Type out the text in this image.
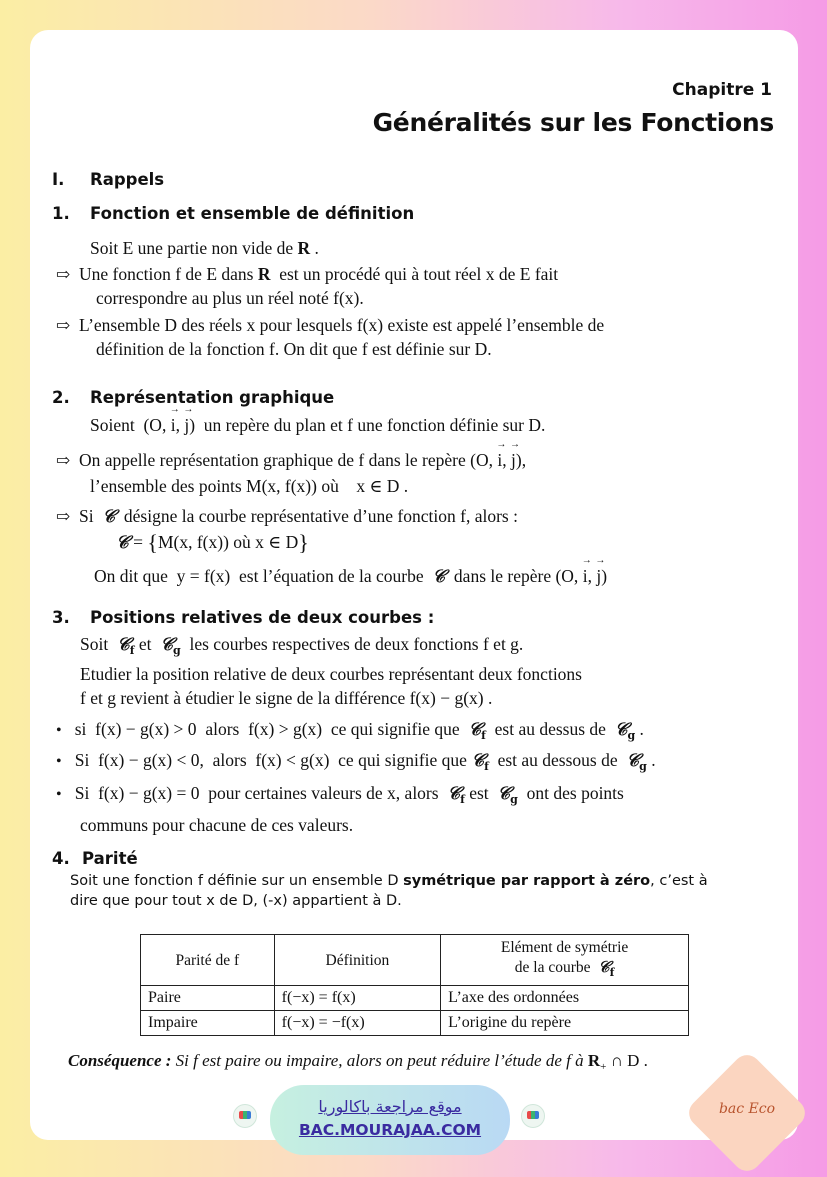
Chapitre 1
Généralités sur les Fonctions
I. Rappels
1. Fonction et ensemble de définition
Soit E une partie non vide de R .
⇨ Une fonction f de E dans R est un procédé qui à tout réel x de E fait
correspondre au plus un réel noté f(x).
⇨ L’ensemble D des réels x pour lesquels f(x) existe est appelé l’ensemble de
définition de la fonction f. On dit que f est définie sur D.
2. Représentation graphique
Soient (O, → i, → j) un repère du plan et f une fonction définie sur D.
⇨ On appelle représentation graphique de f dans le repère (O, → i, → j),
l’ensemble des points M(x, f(x)) où x ∈ D .
⇨ Si 𝒞 désigne la courbe représentative d’une fonction f, alors :
𝒞 = {M(x, f(x)) où x ∈ D}
On dit que y = f(x) est l’équation de la courbe 𝒞 dans le repère (O, → i, → j)
3. Positions relatives de deux courbes :
Soit 𝒞$_f$ et 𝒞$_g$ les courbes respectives de deux fonctions f et g.
Etudier la position relative de deux courbes représentant deux fonctions
f et g revient à étudier le signe de la différence f(x) − g(x) .
• si f(x) − g(x) > 0 alors f(x) > g(x) ce qui signifie que 𝒞$_f$ est au dessus de 𝒞$_g$ .
• Si f(x) − g(x) < 0, alors f(x) < g(x) ce qui signifie que 𝒞$_f$ est au dessous de 𝒞$_g$ .
• Si f(x) − g(x) = 0 pour certaines valeurs de x, alors 𝒞$_f$ est 𝒞$_g$ ont des points
communs pour chacune de ces valeurs.
4. Parité
Soit une fonction f définie sur un ensemble D symétrique par rapport à zéro, c’est à
dire que pour tout x de D, (-x) appartient à D.
Parité de f	Définition	Elément de symétrie
de la courbe 𝒞$_f$
Paire	f(−x) = f(x)	L’axe des ordonnées
Impaire	f(−x) = −f(x)	L’origine du repère
Conséquence : Si f est paire ou impaire, alors on peut réduire l’étude de f à $R_+$ ∩ D .
موقع مراجعة باكالوريا
BAC.MOURAJAA.COM
bac Eco
